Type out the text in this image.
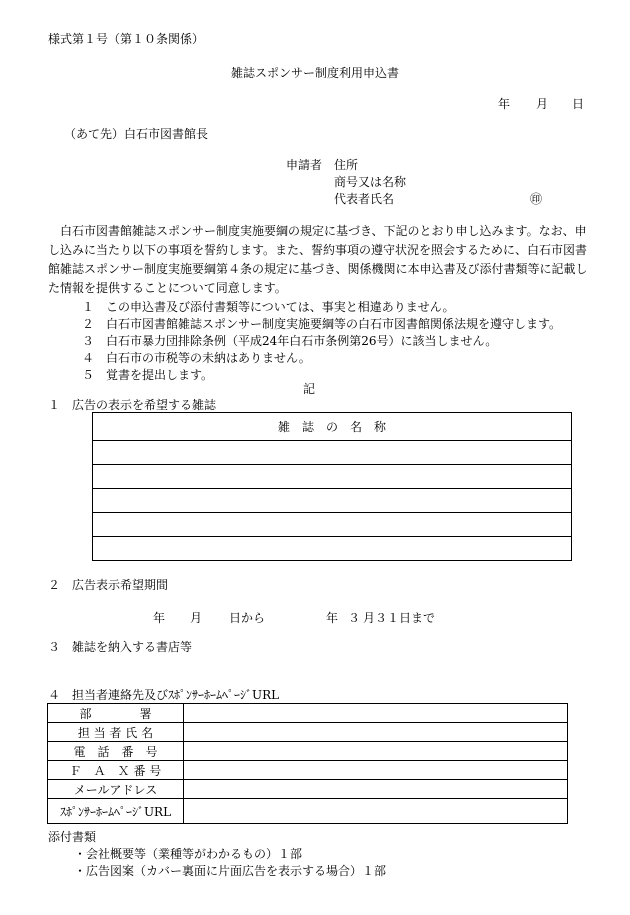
様式第１号（第１０条関係）
雑誌スポンサー制度利用申込書
年 月 日
（あて先）白石市図書館長
申請者 住所
商号又は名称
代表者氏名	㊞
白石市図書館雑誌スポンサー制度実施要綱の規定に基づき、下記のとおり申し込みます。なお、申し込みに当たり以下の事項を誓約します。また、誓約事項の遵守状況を照会するために、白石市図書館雑誌スポンサー制度実施要綱第４条の規定に基づき、関係機関に本申込書及び添付書類等に記載した情報を提供することについて同意します。
１　この申込書及び添付書類等については、事実と相違ありません。
２　白石市図書館雑誌スポンサー制度実施要綱等の白石市図書館関係法規を遵守します。
３　白石市暴力団排除条例（平成24年白石市条例第26号）に該当しません。
４　白石市の市税等の未納はありません。
５　覚書を提出します。
記
１　広告の表示を希望する雑誌
雑　誌　の　名　称

２　広告表示希望期間
年 月 日から	年 ３ 月３１日まで
３　雑誌を納入する書店等
４　担当者連絡先及びｽﾎﾟﾝｻｰﾎｰﾑﾍﾟｰｼﾞURL
部　　　　署	
担 当 者 氏 名	
電　話　番　号	
Ｆ　Ａ　Ｘ 番 号	
メールアドレス	
ｽﾎﾟﾝｻｰﾎｰﾑﾍﾟｰｼﾞURL	
添付書類
・会社概要等（業種等がわかるもの）１部
・広告図案（カバー裏面に片面広告を表示する場合）１部
